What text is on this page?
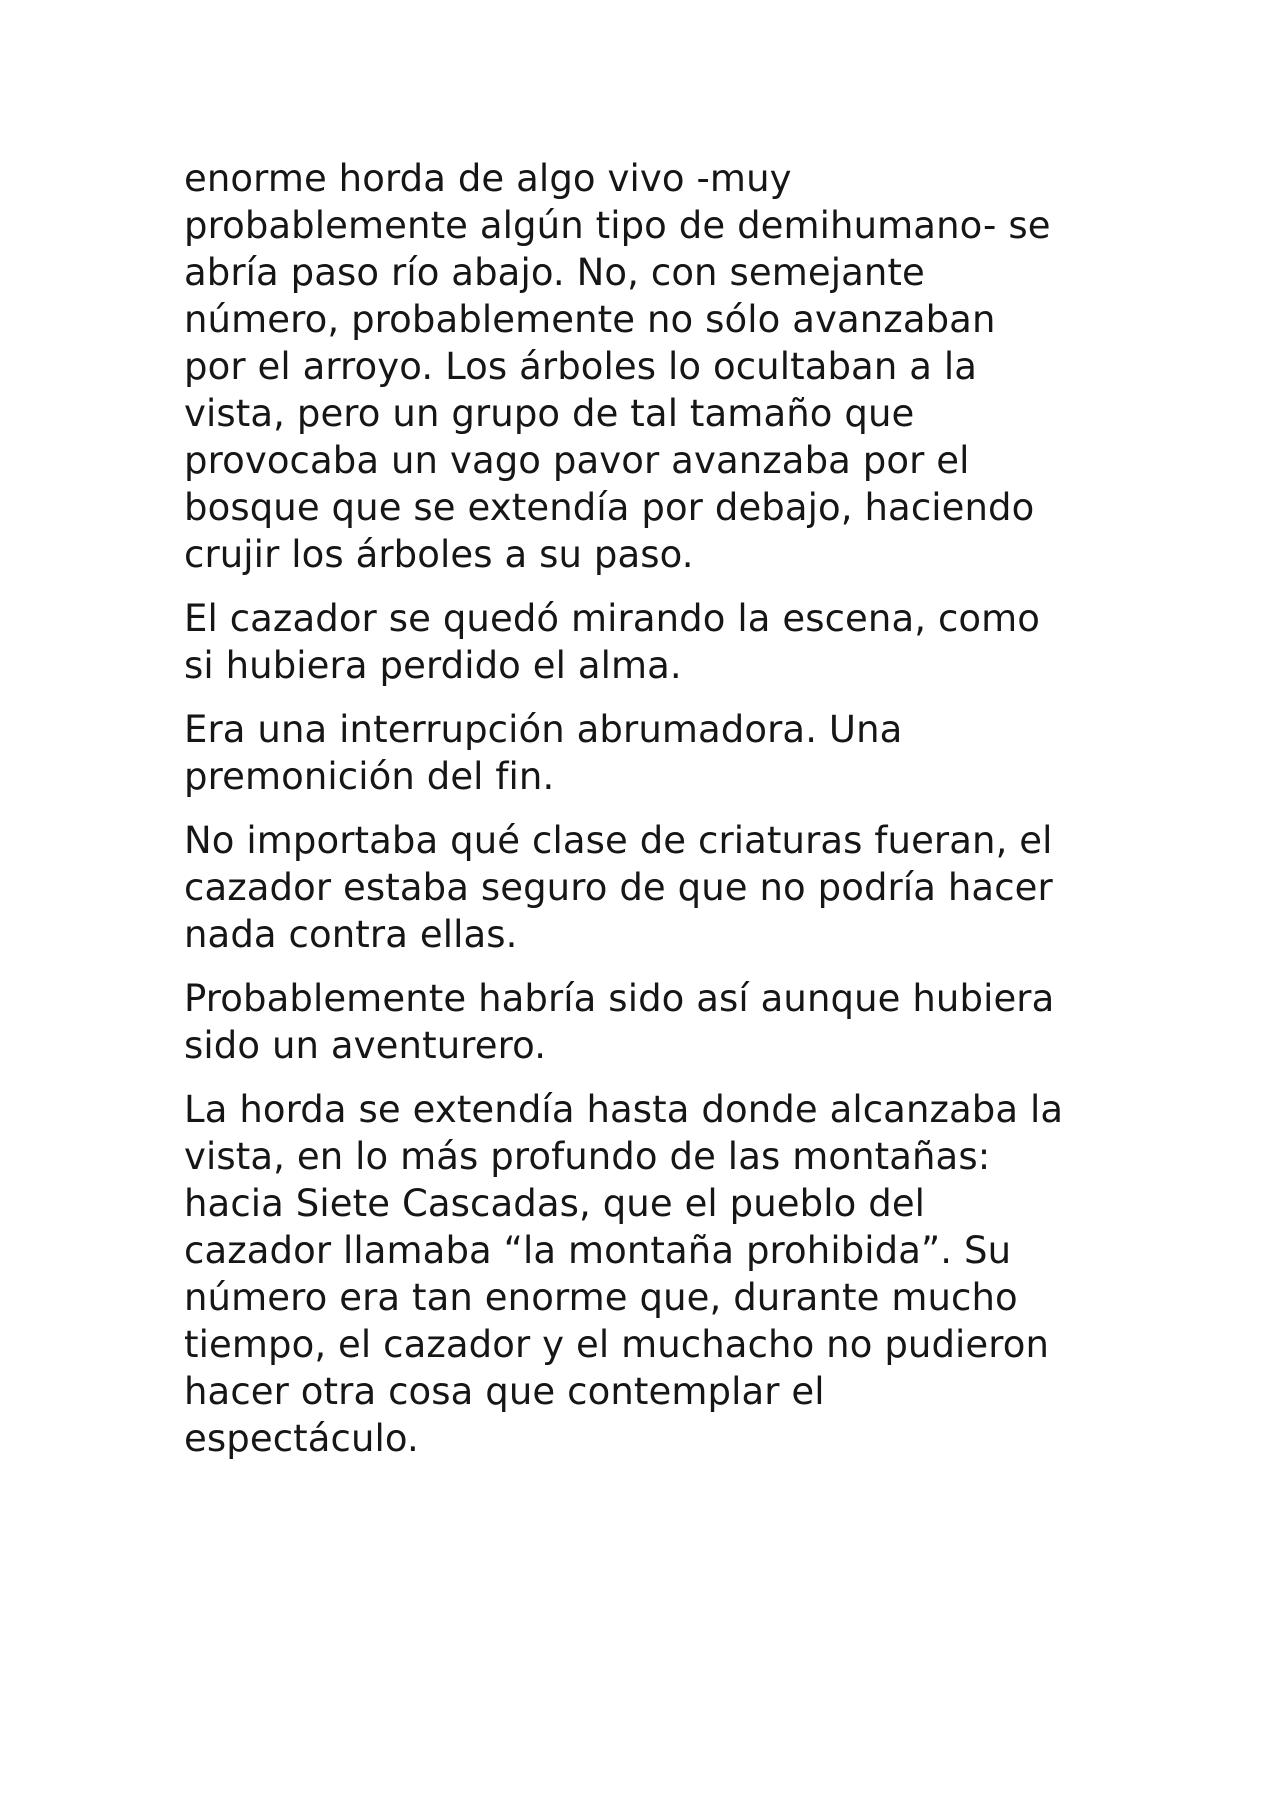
enorme horda de algo vivo -muy
probablemente algún tipo de demihumano- se
abría paso río abajo. No, con semejante
número, probablemente no sólo avanzaban
por el arroyo. Los árboles lo ocultaban a la
vista, pero un grupo de tal tamaño que
provocaba un vago pavor avanzaba por el
bosque que se extendía por debajo, haciendo
crujir los árboles a su paso.
El cazador se quedó mirando la escena, como
si hubiera perdido el alma.
Era una interrupción abrumadora. Una
premonición del fin.
No importaba qué clase de criaturas fueran, el
cazador estaba seguro de que no podría hacer
nada contra ellas.
Probablemente habría sido así aunque hubiera
sido un aventurero.
La horda se extendía hasta donde alcanzaba la
vista, en lo más profundo de las montañas:
hacia Siete Cascadas, que el pueblo del
cazador llamaba “la montaña prohibida”. Su
número era tan enorme que, durante mucho
tiempo, el cazador y el muchacho no pudieron
hacer otra cosa que contemplar el
espectáculo.
